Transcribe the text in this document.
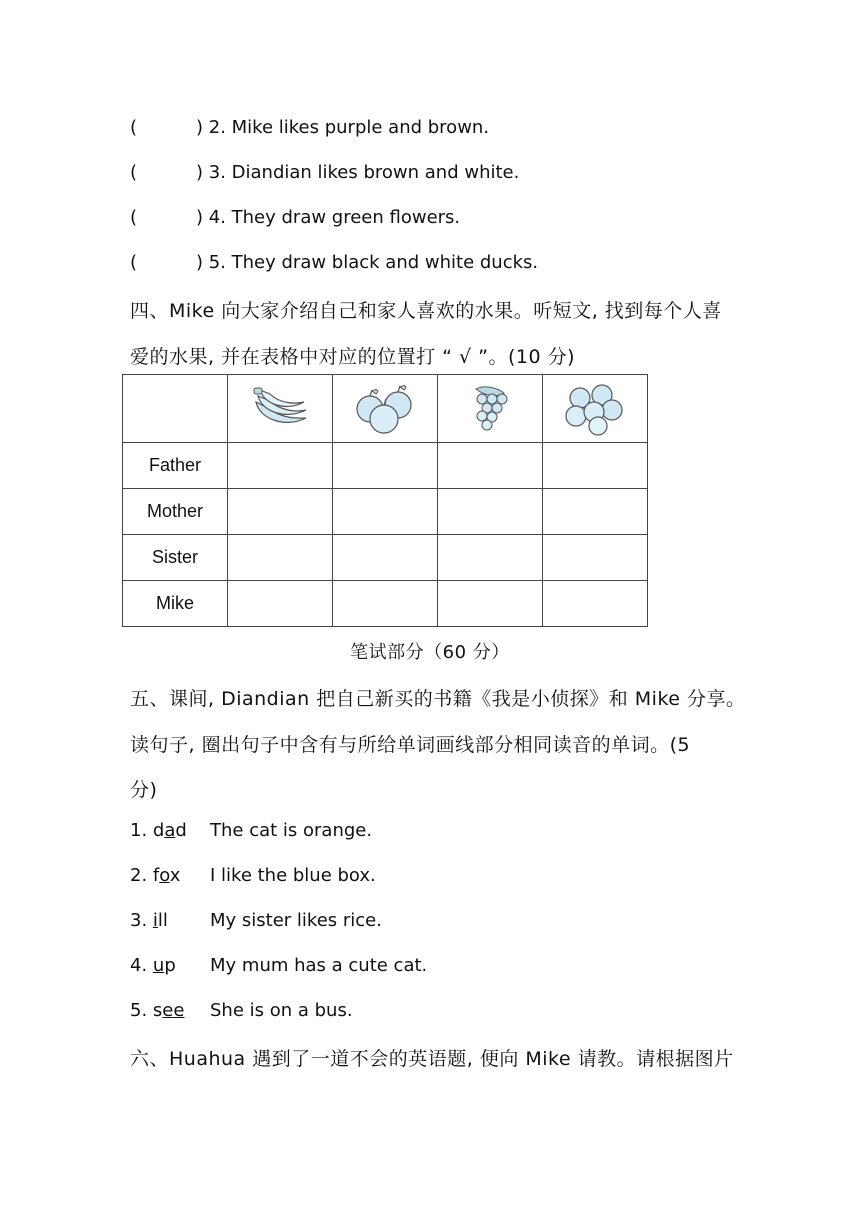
(	) 2. Mike likes purple and brown.
(	) 3. Diandian likes brown and white.
(	) 4. They draw green flowers.
(	) 5. They draw black and white ducks.
四、Mike 向大家介绍自己和家人喜欢的水果。听短文, 找到每个人喜
爱的水果, 并在表格中对应的位置打 “ √ ”。(10 分)

Father				
Mother				
Sister				
Mike				
笔试部分（60 分）
五、课间, Diandian 把自己新买的书籍《我是小侦探》和 Mike 分享。
读句子, 圈出句子中含有与所给单词画线部分相同读音的单词。(5
分)
1. dad The cat is orange.
2. fox I like the blue box.
3. ill My sister likes rice.
4. up My mum has a cute cat.
5. see She is on a bus.
六、Huahua 遇到了一道不会的英语题, 便向 Mike 请教。请根据图片
